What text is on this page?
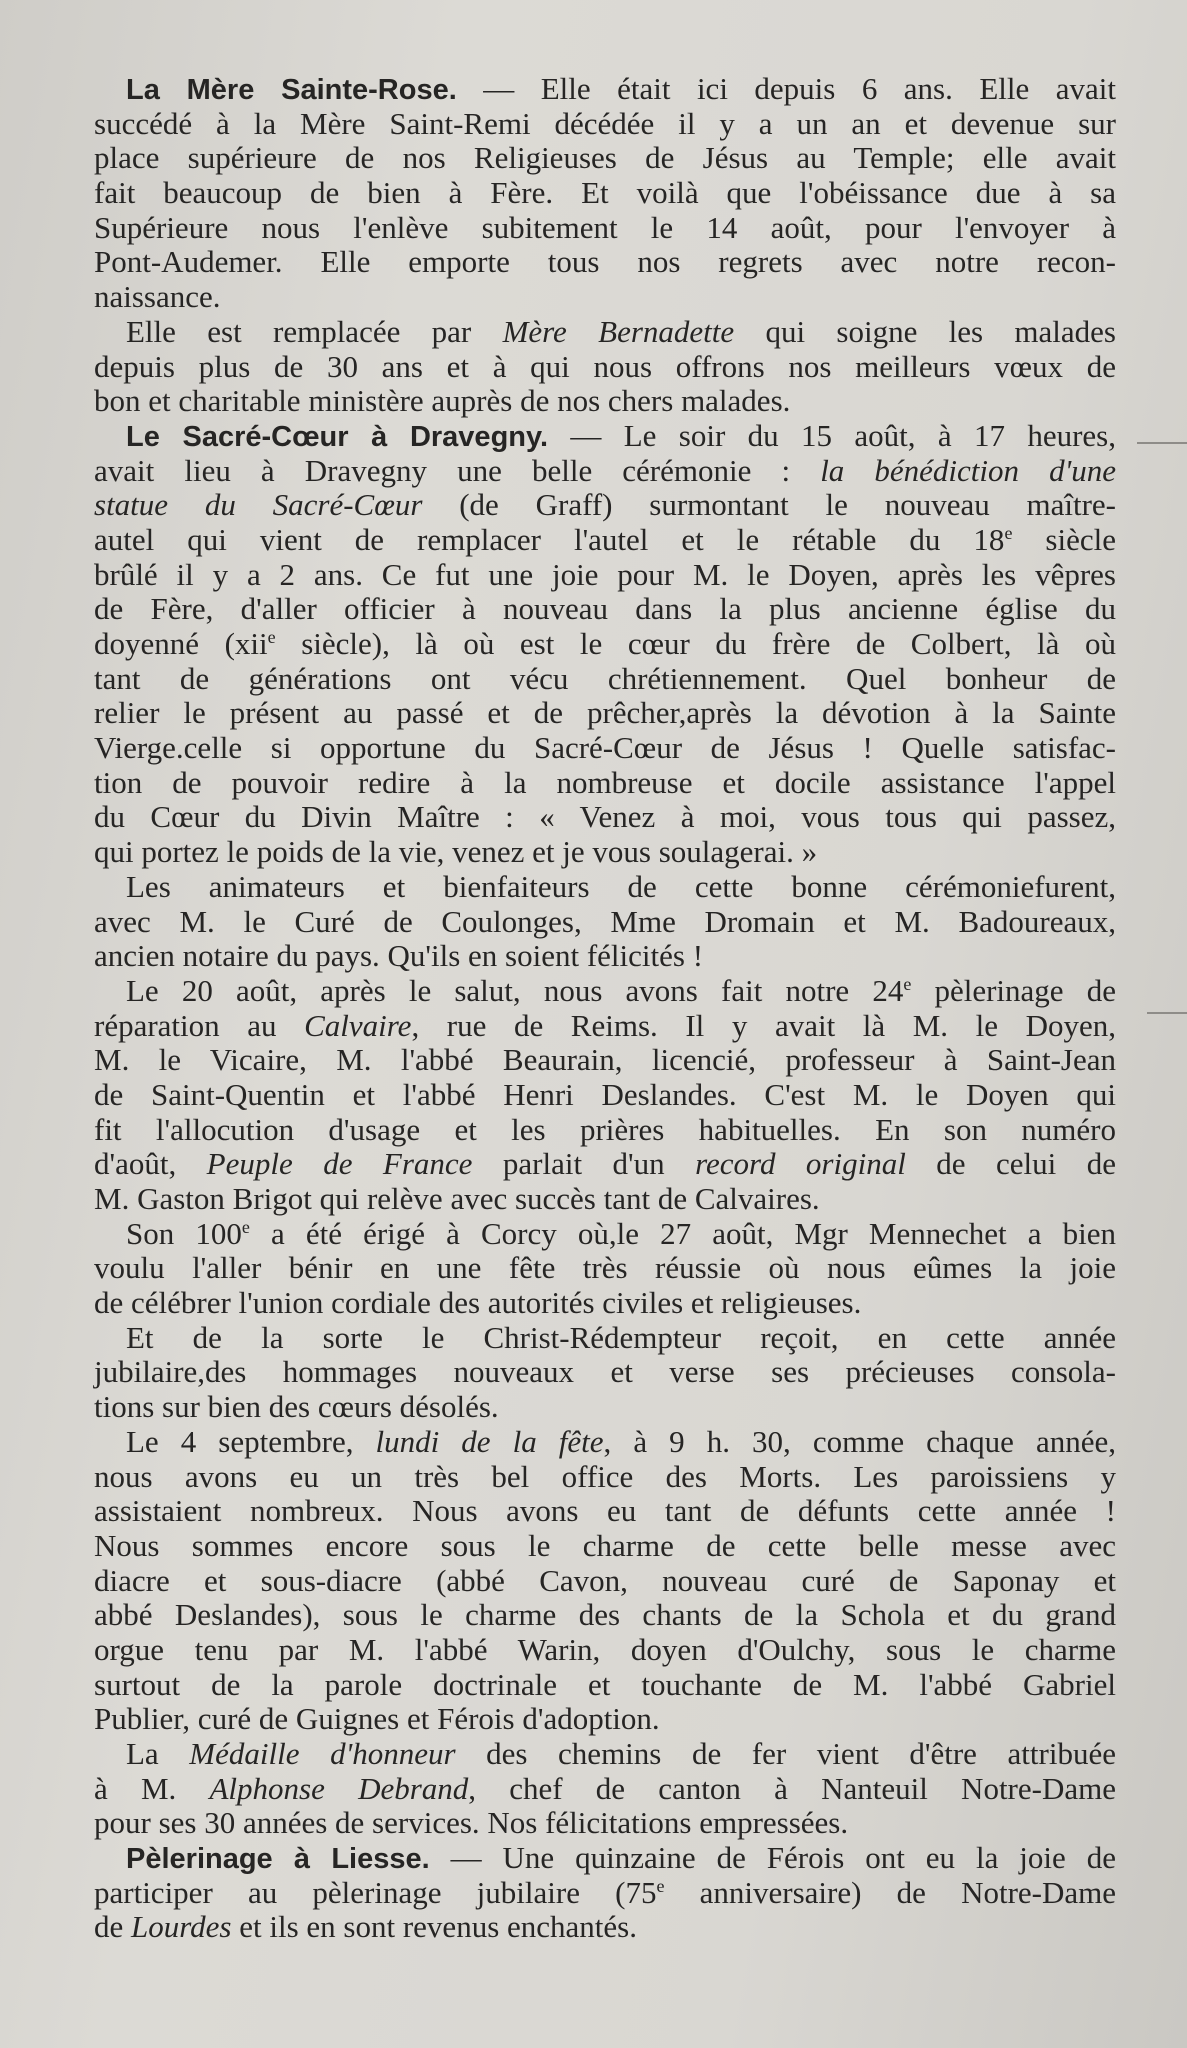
La Mère Sainte-Rose. — Elle était ici depuis 6 ans. Elle avait
succédé à la Mère Saint-Remi décédée il y a un an et devenue sur
place supérieure de nos Religieuses de Jésus au Temple; elle avait
fait beaucoup de bien à Fère. Et voilà que l'obéissance due à sa
Supérieure nous l'enlève subitement le 14 août, pour l'envoyer à
Pont-Audemer. Elle emporte tous nos regrets avec notre recon-
naissance.
Elle est remplacée par Mère Bernadette qui soigne les malades
depuis plus de 30 ans et à qui nous offrons nos meilleurs vœux de
bon et charitable ministère auprès de nos chers malades.
Le Sacré-Cœur à Dravegny. — Le soir du 15 août, à 17 heures,
avait lieu à Dravegny une belle cérémonie : la bénédiction d'une
statue du Sacré-Cœur (de Graff) surmontant le nouveau maître-
autel qui vient de remplacer l'autel et le rétable du 18e siècle
brûlé il y a 2 ans. Ce fut une joie pour M. le Doyen, après les vêpres
de Fère, d'aller officier à nouveau dans la plus ancienne église du
doyenné (xii$^e$ siècle), là où est le cœur du frère de Colbert, là où
tant de générations ont vécu chrétiennement. Quel bonheur de
relier le présent au passé et de prêcher,après la dévotion à la Sainte
Vierge.celle si opportune du Sacré-Cœur de Jésus ! Quelle satisfac-
tion de pouvoir redire à la nombreuse et docile assistance l'appel
du Cœur du Divin Maître : « Venez à moi, vous tous qui passez,
qui portez le poids de la vie, venez et je vous soulagerai. »
Les animateurs et bienfaiteurs de cette bonne cérémoniefurent,
avec M. le Curé de Coulonges, Mme Dromain et M. Badoureaux,
ancien notaire du pays. Qu'ils en soient félicités !
Le 20 août, après le salut, nous avons fait notre 24e pèlerinage de
réparation au Calvaire, rue de Reims. Il y avait là M. le Doyen,
M. le Vicaire, M. l'abbé Beaurain, licencié, professeur à Saint-Jean
de Saint-Quentin et l'abbé Henri Deslandes. C'est M. le Doyen qui
fit l'allocution d'usage et les prières habituelles. En son numéro
d'août, Peuple de France parlait d'un record original de celui de
M. Gaston Brigot qui relève avec succès tant de Calvaires.
Son 100e a été érigé à Corcy où,le 27 août, Mgr Mennechet a bien
voulu l'aller bénir en une fête très réussie où nous eûmes la joie
de célébrer l'union cordiale des autorités civiles et religieuses.
Et de la sorte le Christ-Rédempteur reçoit, en cette année
jubilaire,des hommages nouveaux et verse ses précieuses consola-
tions sur bien des cœurs désolés.
Le 4 septembre, lundi de la fête, à 9 h. 30, comme chaque année,
nous avons eu un très bel office des Morts. Les paroissiens y
assistaient nombreux. Nous avons eu tant de défunts cette année !
Nous sommes encore sous le charme de cette belle messe avec
diacre et sous-diacre (abbé Cavon, nouveau curé de Saponay et
abbé Deslandes), sous le charme des chants de la Schola et du grand
orgue tenu par M. l'abbé Warin, doyen d'Oulchy, sous le charme
surtout de la parole doctrinale et touchante de M. l'abbé Gabriel
Publier, curé de Guignes et Férois d'adoption.
La Médaille d'honneur des chemins de fer vient d'être attribuée
à M. Alphonse Debrand, chef de canton à Nanteuil Notre-Dame
pour ses 30 années de services. Nos félicitations empressées.
Pèlerinage à Liesse. — Une quinzaine de Férois ont eu la joie de
participer au pèlerinage jubilaire (75e anniversaire) de Notre-Dame
de Lourdes et ils en sont revenus enchantés.
